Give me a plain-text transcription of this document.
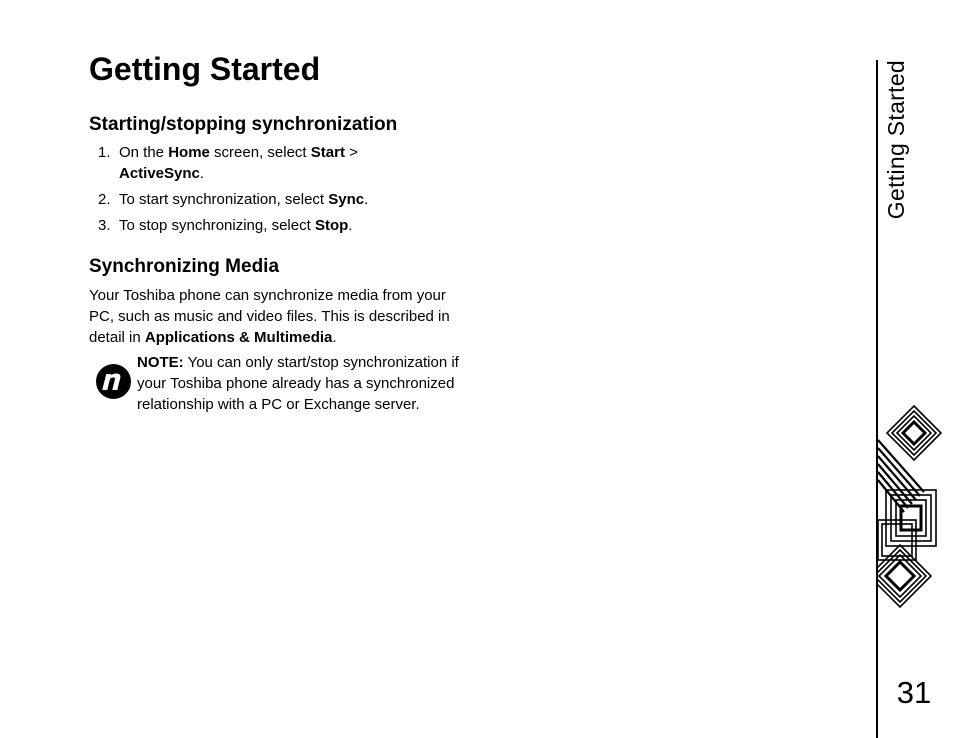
Getting Started
Starting/stopping synchronization
1. On the Home screen, select Start >
ActiveSync.
2. To start synchronization, select Sync.
3. To stop synchronizing, select Stop.
Synchronizing Media

Your Toshiba phone can synchronize media from your PC, such as music and video files. This is described in detail in Applications & Multimedia.

NOTE: You can only start/stop synchronization if your Toshiba phone already has a synchronized relationship with a PC or Exchange server.

Getting Started
31
